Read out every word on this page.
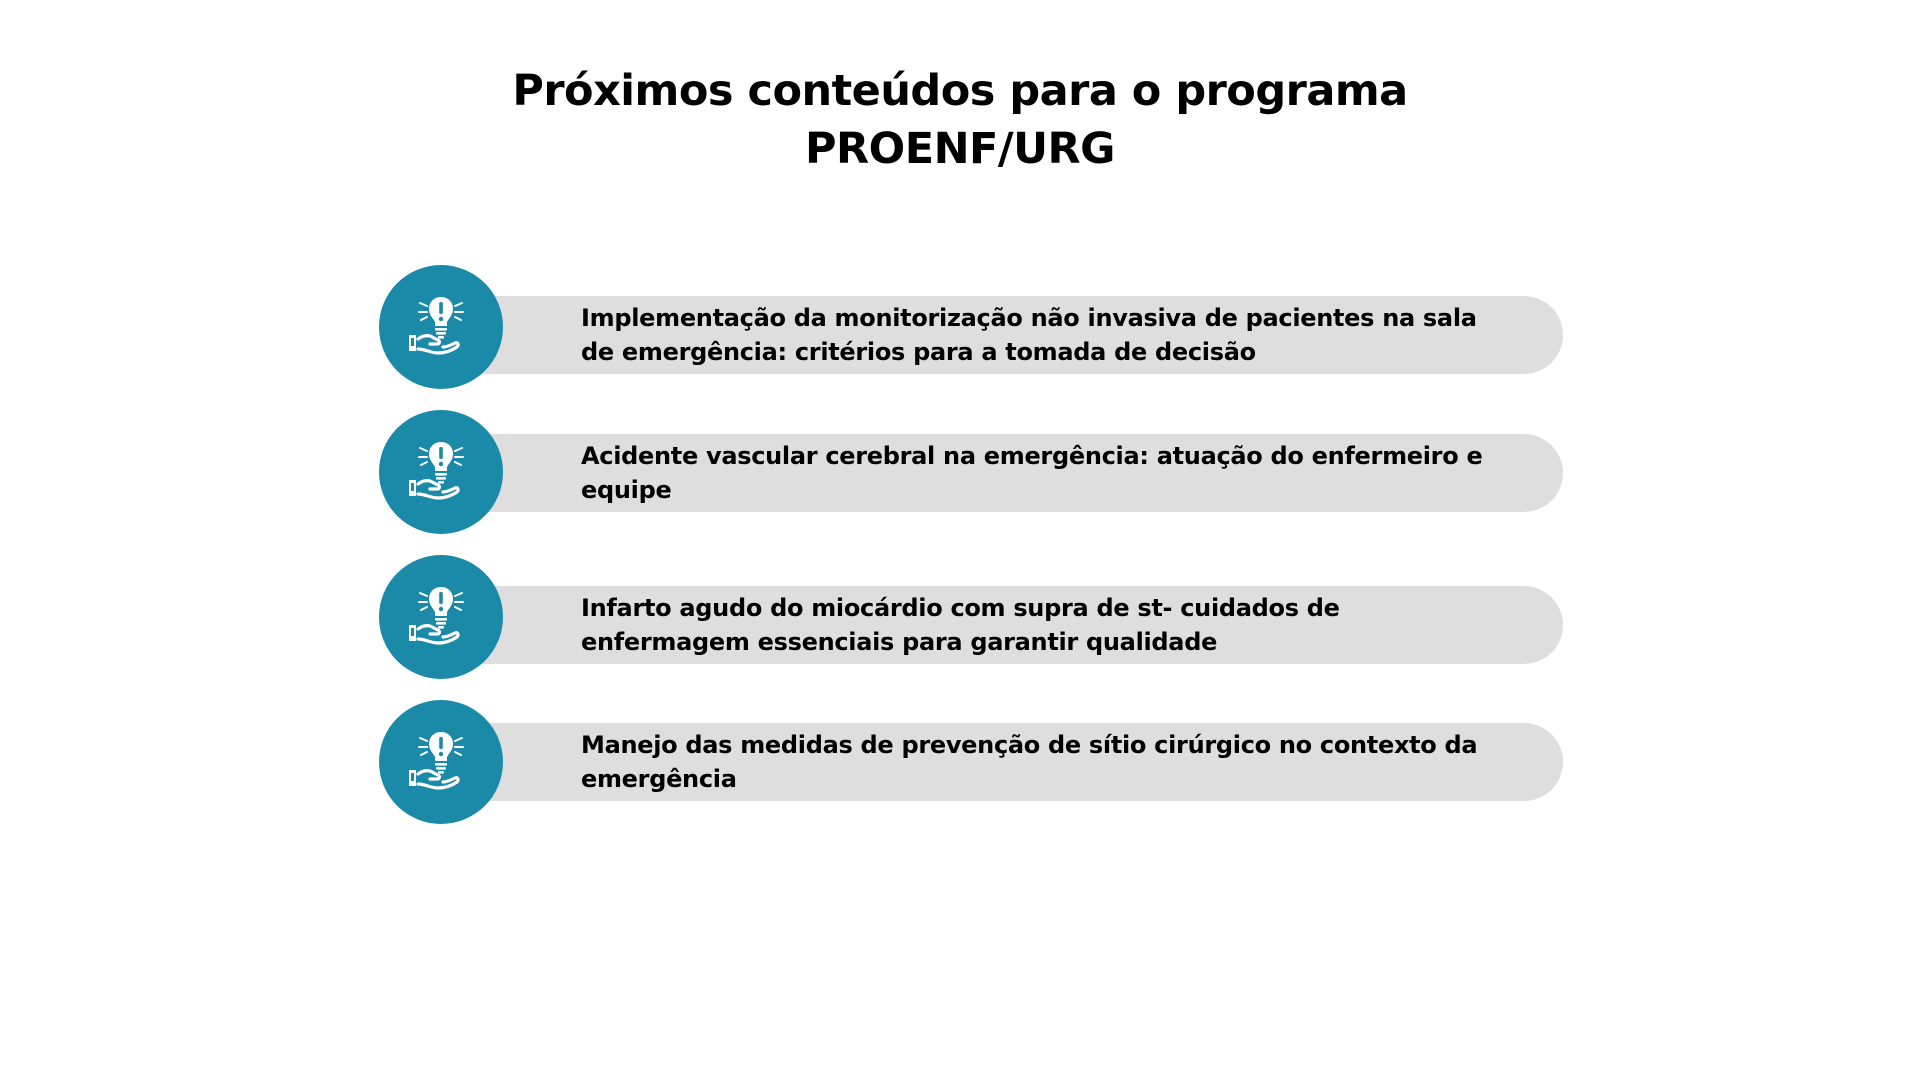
Próximos conteúdos para o programa
PROENF/URG
Implementação da monitorização não invasiva de pacientes na sala de emergência: critérios para a tomada de decisão
Acidente vascular cerebral na emergência: atuação do enfermeiro e equipe
Infarto agudo do miocárdio com supra de st- cuidados de enfermagem essenciais para garantir qualidade
Manejo das medidas de prevenção de sítio cirúrgico no contexto da emergência
